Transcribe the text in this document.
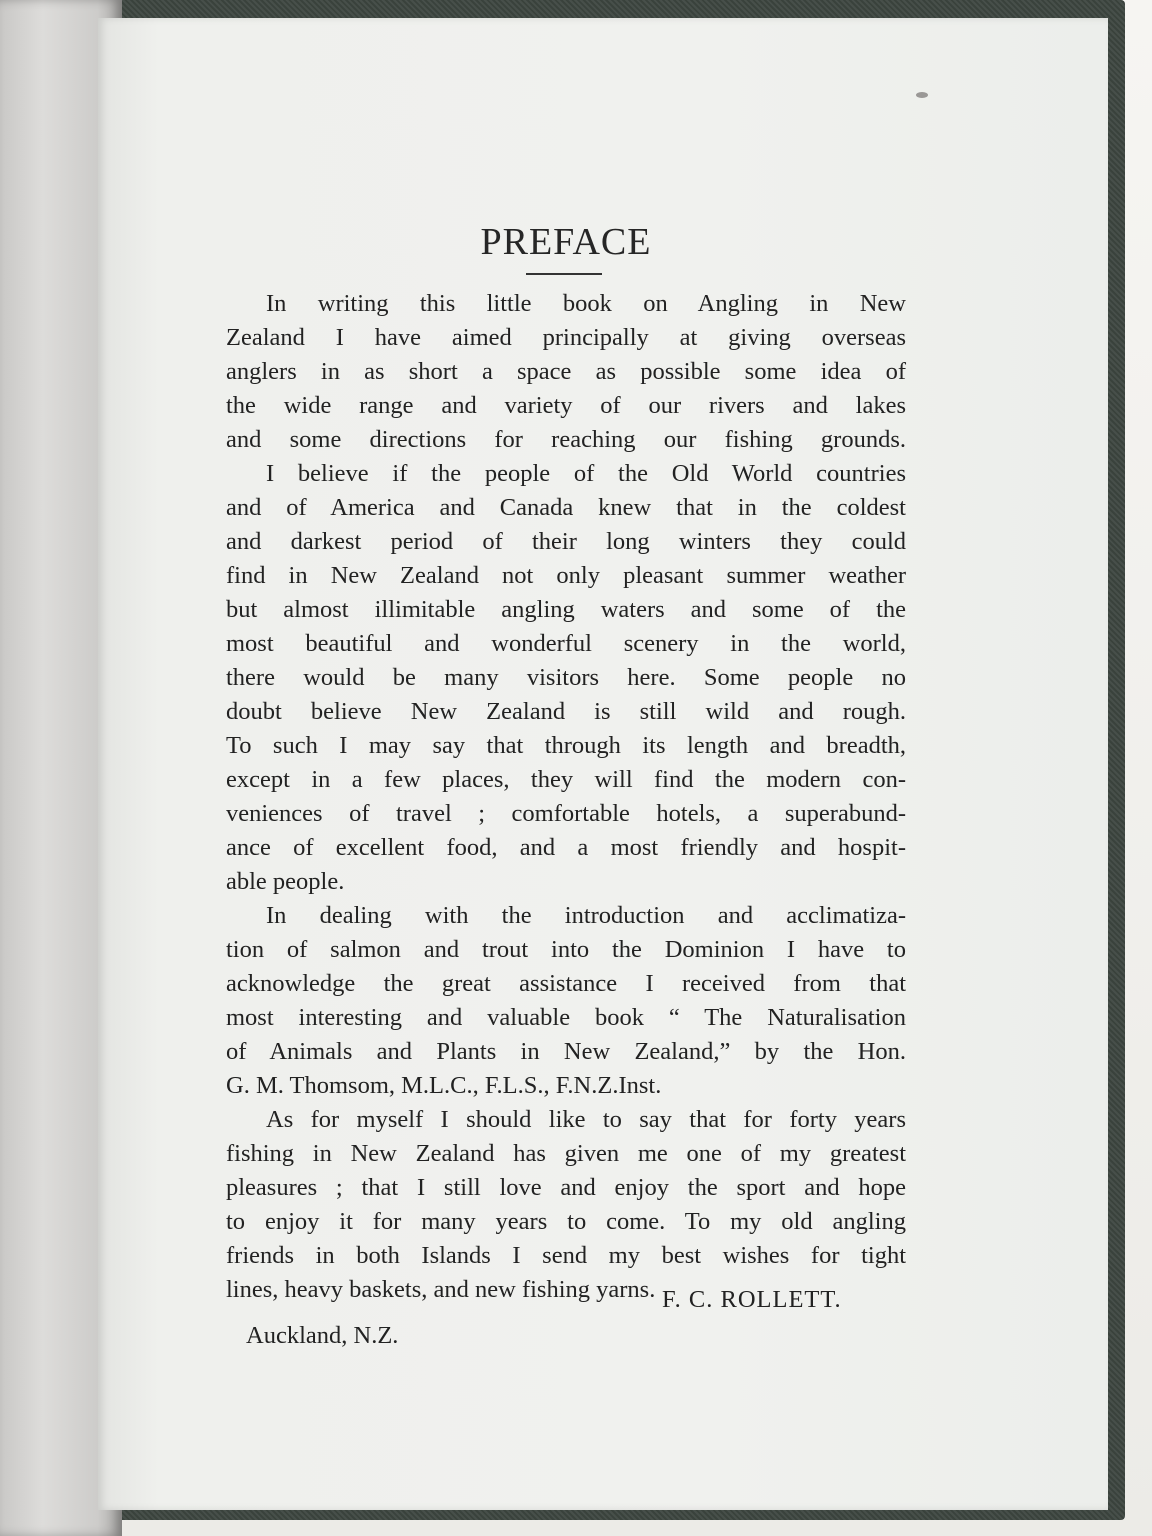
PREFACE
In writing this little book on Angling in New
Zealand I have aimed principally at giving overseas
anglers in as short a space as possible some idea of
the wide range and variety of our rivers and lakes
and some directions for reaching our fishing grounds.
I believe if the people of the Old World countries
and of America and Canada knew that in the coldest
and darkest period of their long winters they could
find in New Zealand not only pleasant summer weather
but almost illimitable angling waters and some of the
most beautiful and wonderful scenery in the world,
there would be many visitors here. Some people no
doubt believe New Zealand is still wild and rough.
To such I may say that through its length and breadth,
except in a few places, they will find the modern con-
veniences of travel ; comfortable hotels, a superabund-
ance of excellent food, and a most friendly and hospit-
able people.
In dealing with the introduction and acclimatiza-
tion of salmon and trout into the Dominion I have to
acknowledge the great assistance I received from that
most interesting and valuable book “ The Naturalisation
of Animals and Plants in New Zealand,” by the Hon.
G. M. Thomsom, M.L.C., F.L.S., F.N.Z.Inst.
As for myself I should like to say that for forty years
fishing in New Zealand has given me one of my greatest
pleasures ; that I still love and enjoy the sport and hope
to enjoy it for many years to come. To my old angling
friends in both Islands I send my best wishes for tight
lines, heavy baskets, and new fishing yarns. F. C. ROLLETT.
Auckland, N.Z.
